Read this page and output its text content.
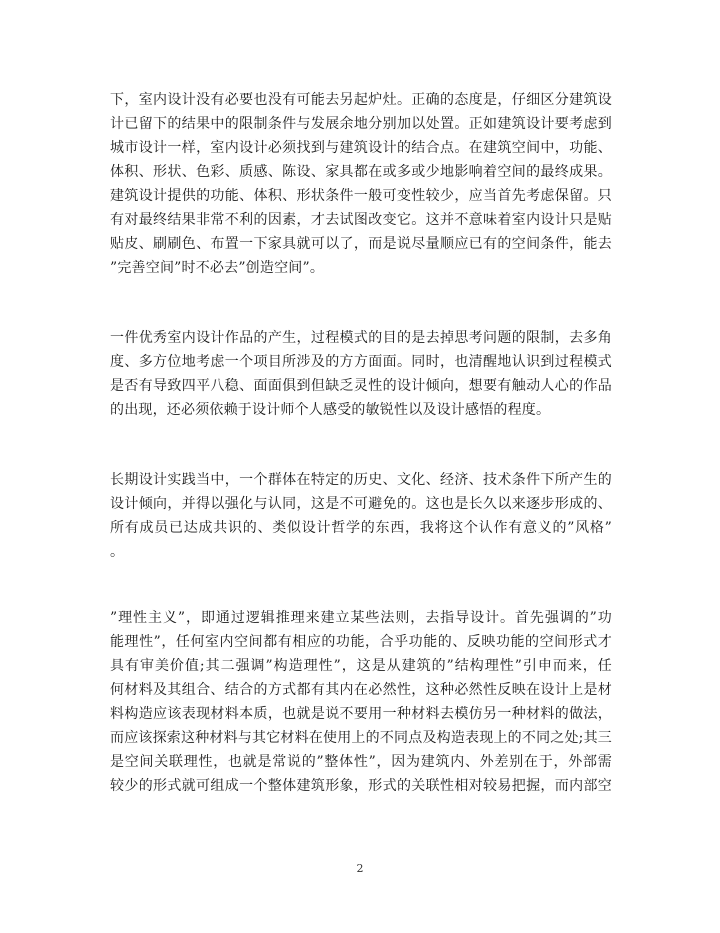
下，室内设计没有必要也没有可能去另起炉灶。正确的态度是，仔细区分建筑设
计已留下的结果中的限制条件与发展余地分别加以处置。正如建筑设计要考虑到
城市设计一样，室内设计必须找到与建筑设计的结合点。在建筑空间中，功能、
体积、形状、色彩、质感、陈设、家具都在或多或少地影响着空间的最终成果。
建筑设计提供的功能、体积、形状条件一般可变性较少，应当首先考虑保留。只
有对最终结果非常不利的因素，才去试图改变它。这并不意味着室内设计只是贴
贴皮、刷刷色、布置一下家具就可以了，而是说尽量顺应已有的空间条件，能去
”完善空间”时不必去”创造空间”。
一件优秀室内设计作品的产生，过程模式的目的是去掉思考问题的限制，去多角
度、多方位地考虑一个项目所涉及的方方面面。同时，也清醒地认识到过程模式
是否有导致四平八稳、面面俱到但缺乏灵性的设计倾向，想要有触动人心的作品
的出现，还必须依赖于设计师个人感受的敏锐性以及设计感悟的程度。
长期设计实践当中，一个群体在特定的历史、文化、经济、技术条件下所产生的
设计倾向，并得以强化与认同，这是不可避免的。这也是长久以来逐步形成的、
所有成员已达成共识的、类似设计哲学的东西，我将这个认作有意义的”风格”
。
”理性主义”，即通过逻辑推理来建立某些法则，去指导设计。首先强调的”功
能理性”，任何室内空间都有相应的功能，合乎功能的、反映功能的空间形式才
具有审美价值;其二强调”构造理性”，这是从建筑的”结构理性”引申而来，任
何材料及其组合、结合的方式都有其内在必然性，这种必然性反映在设计上是材
料构造应该表现材料本质，也就是说不要用一种材料去模仿另一种材料的做法，
而应该探索这种材料与其它材料在使用上的不同点及构造表现上的不同之处;其三
是空间关联理性，也就是常说的”整体性”，因为建筑内、外差别在于，外部需
较少的形式就可组成一个整体建筑形象，形式的关联性相对较易把握，而内部空
2
